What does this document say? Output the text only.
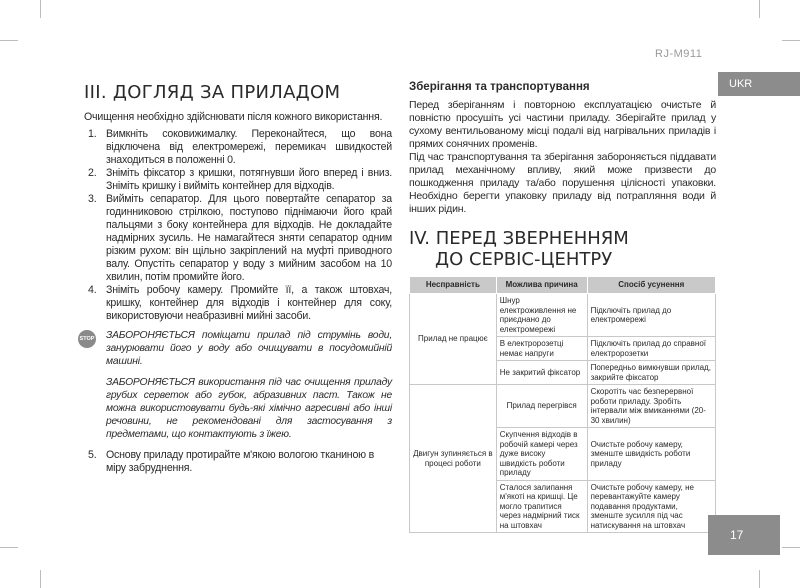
RJ-M911
UKR
III. ДОГЛЯД ЗА ПРИЛАДОМ
Очищення необхідно здійснювати після кожного використання.
1. Вимкніть соковижималку. Переконайтеся, що вона відключена від електромережі, перемикач швидкостей знаходиться в положенні 0.
2. Зніміть фіксатор з кришки, потягнувши його вперед і вниз. Зніміть кришку і вийміть контейнер для відходів.
3. Вийміть сепаратор. Для цього повертайте сепаратор за годинниковою стрілкою, поступово піднімаючи його край пальцями з боку контейнера для відходів. Не докладайте надмірних зусиль. Не намагайтеся зняти сепаратор одним різким рухом: він щільно закріплений на муфті приводного валу. Опустіть сепаратор у воду з мийним засобом на 10 хвилин, потім промийте його.
4. Зніміть робочу камеру. Промийте її, а також штовхач, кришку, контейнер для відходів і контейнер для соку, використовуючи неабразивні мийні засоби.
STOP ЗАБОРОНЯЄТЬСЯ поміщати прилад під струмінь води, занурювати його у воду або очищувати в посудомийній машині.

ЗАБОРОНЯЄТЬСЯ використання під час очищення приладу грубих серветок або губок, абразивних паст. Також не можна використовувати будь-які хімічно агресивні або інші речовини, не рекомендовані для застосування з предметами, що контактують з їжею.

5. Основу приладу протирайте м'якою вологою тканиною в міру забруднення.
Зберігання та транспортування

Перед зберіганням і повторною експлуатацією очистьте й повністю просушіть усі частини приладу. Зберігайте прилад у сухому вентильованому місці подалі від нагрівальних приладів і прямих сонячних променів.

Під час транспортування та зберігання забороняється піддавати прилад механічному впливу, який може призвести до пошкодження приладу та/або порушення цілісності упаковки. Необхідно берегти упаковку приладу від потрапляння води й інших рідин.

IV. ПЕРЕД ЗВЕРНЕННЯМ
ДО СЕРВІС-ЦЕНТРУ
Несправність	Можлива причина	Спосіб усунення
Прилад не працює	Шнур електроживлення не приєднано до електромережі	Підключіть прилад до електромережі
	В електророзетці немає напруги	Підключіть прилад до справної електророзетки
	Не закритий фіксатор	Попередньо вимкнувши прилад, закрийте фіксатор
Двигун зупиняється в процесі роботи	Прилад перегрівся	Скоротіть час безперервної роботи приладу. Зробіть інтервали між вмиканнями (20-30 хвилин)
	Скупчення відходів в робочій камері через дуже високу швидкість роботи приладу	Очистьте робочу камеру, зменште швидкість роботи приладу
	Сталося залипання м'якоті на кришці. Це могло трапитися через надмірний тиск на штовхач	Очистьте робочу камеру, не перевантажуйте камеру подавання продуктами, зменште зусилля під час натискування на штовхач
17
